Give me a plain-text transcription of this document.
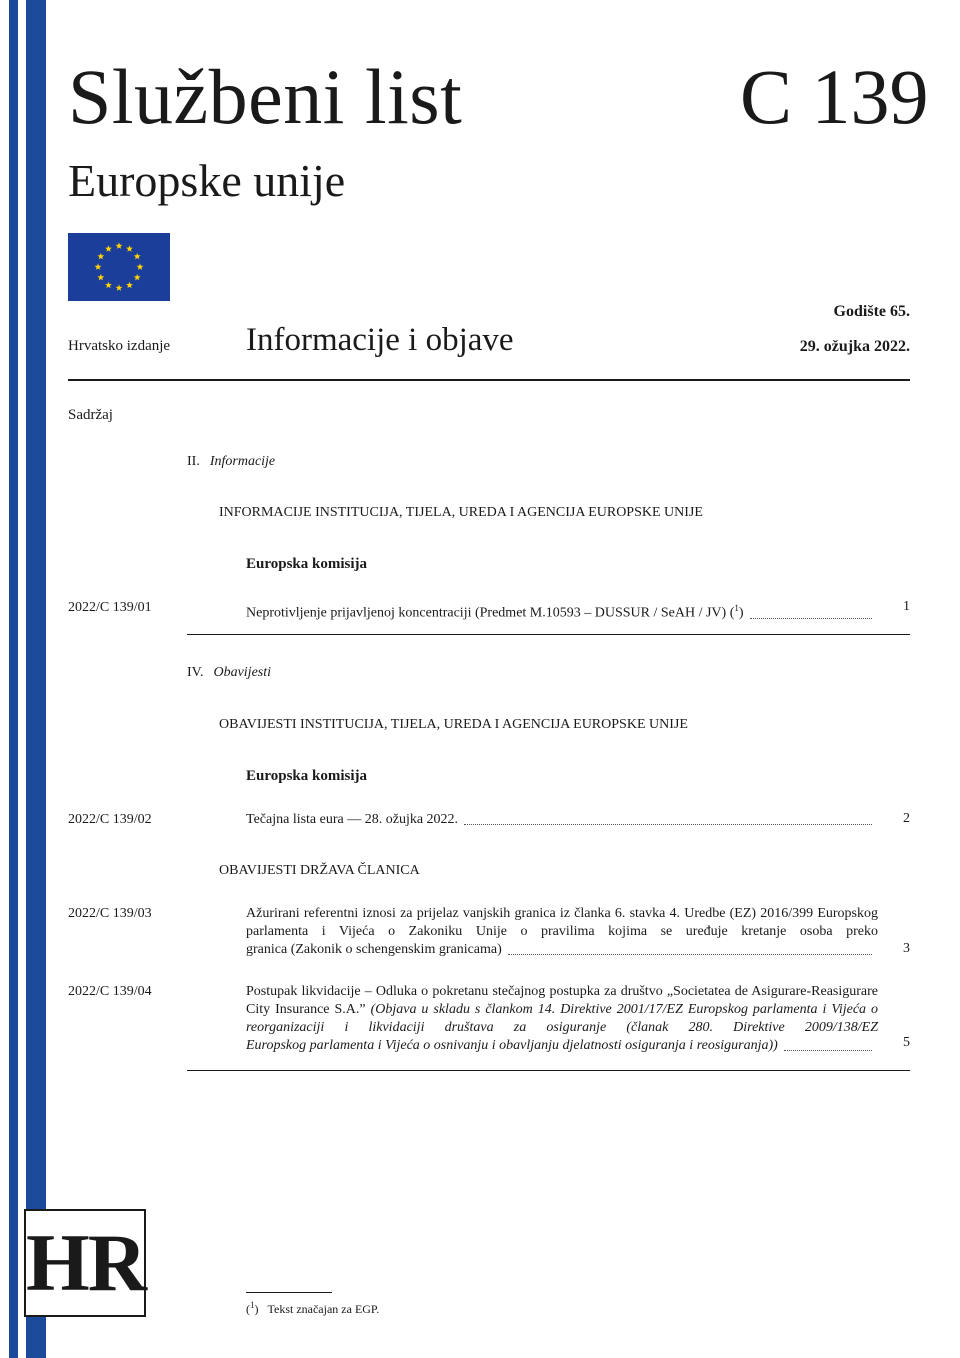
Službeni list	C 139
Europske unije
Godište 65.
Hrvatsko izdanje Informacije i objave	29. ožujka 2022.
Sadržaj
II. Informacije
INFORMACIJE INSTITUCIJA, TIJELA, UREDA I AGENCIJA EUROPSKE UNIJE
Europska komisija
2022/C 139/01	Neprotivljenje prijavljenoj koncentraciji (Predmet M.10593 – DUSSUR / SeAH / JV) ($^1$)	1
IV. Obavijesti
OBAVIJESTI INSTITUCIJA, TIJELA, UREDA I AGENCIJA EUROPSKE UNIJE
Europska komisija
2022/C 139/02	Tečajna lista eura — 28. ožujka 2022.	2
OBAVIJESTI DRŽAVA ČLANICA
2022/C 139/03	Ažurirani referentni iznosi za prijelaz vanjskih granica iz članka 6. stavka 4. Uredbe (EZ) 2016/399 Europskog parlamenta i Vijeća o Zakoniku Unije o pravilima kojima se uređuje kretanje osoba preko
granica (Zakonik o schengenskim granicama)	3
2022/C 139/04	Postupak likvidacije – Odluka o pokretanu stečajnog postupka za društvo „Societatea de Asigurare-Reasigurare City Insurance S.A.” (Objava u skladu s člankom 14. Direktive 2001/17/EZ Europskog parlamenta i Vijeća o reorganizaciji i likvidaciji društava za osiguranje (članak 280. Direktive 2009/138/EZ
Europskog parlamenta i Vijeća o osnivanju i obavljanju djelatnosti osiguranja i reosiguranja))	5
HR
($^1$)   Tekst značajan za EGP.
